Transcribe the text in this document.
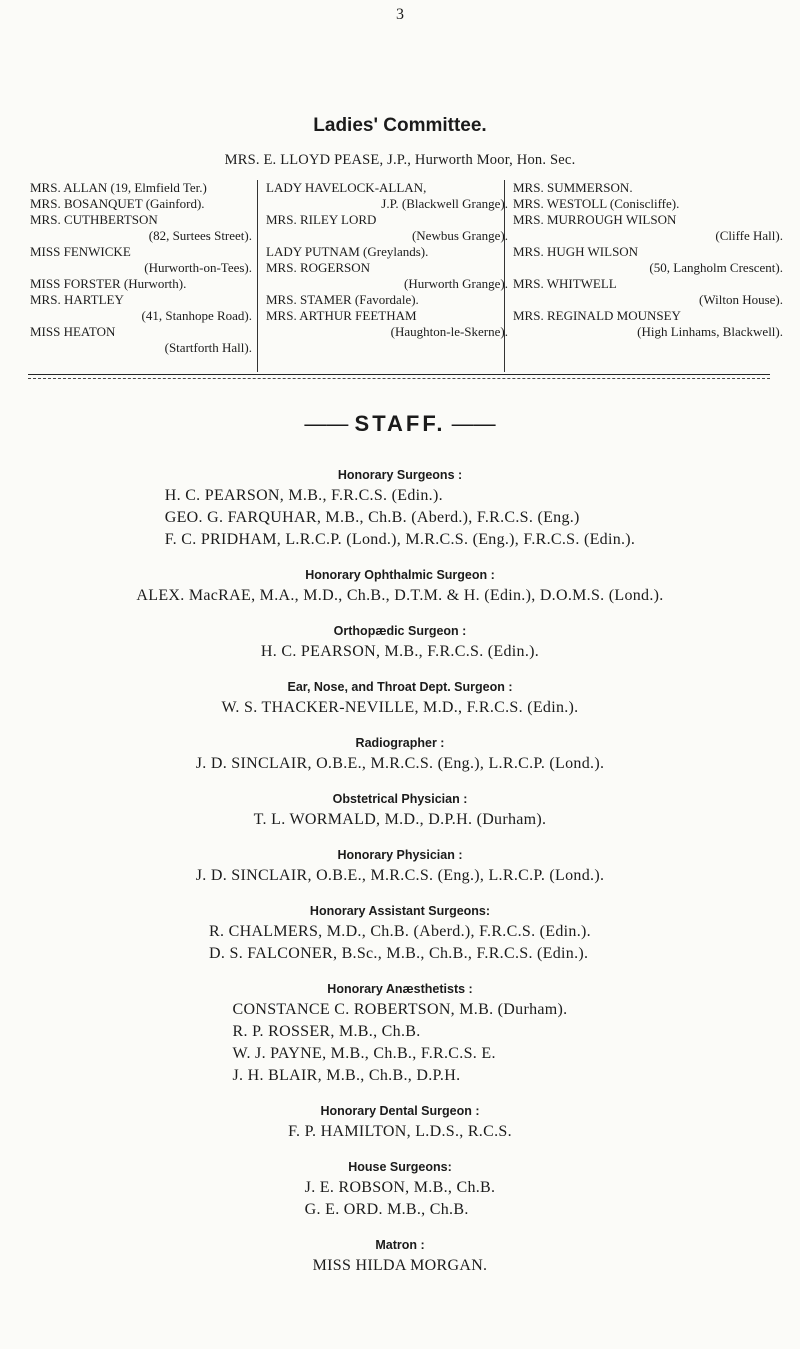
3
Ladies' Committee.
MRS. E. LLOYD PEASE, J.P., Hurworth Moor, Hon. Sec.

MRS. ALLAN (19, Elmfield Ter.)

MRS. BOSANQUET (Gainford).

MRS. CUTHBERTSON

(82, Surtees Street).

MISS FENWICKE

(Hurworth-on-Tees).

MISS FORSTER (Hurworth).

MRS. HARTLEY

(41, Stanhope Road).

MISS HEATON

(Startforth Hall).

LADY HAVELOCK-ALLAN,

J.P. (Blackwell Grange).

MRS. RILEY LORD

(Newbus Grange).

LADY PUTNAM (Greylands).

MRS. ROGERSON

(Hurworth Grange).

MRS. STAMER (Favordale).

MRS. ARTHUR FEETHAM

(Haughton-le-Skerne).

MRS. SUMMERSON.

MRS. WESTOLL (Coniscliffe).

MRS. MURROUGH WILSON

(Cliffe Hall).

MRS. HUGH WILSON

(50, Langholm Crescent).

MRS. WHITWELL

(Wilton House).

MRS. REGINALD MOUNSEY

(High Linhams, Blackwell).

—— STAFF. ——

Honorary Surgeons :

H. C. PEARSON, M.B., F.R.C.S. (Edin.).

GEO. G. FARQUHAR, M.B., Ch.B. (Aberd.), F.R.C.S. (Eng.)

F. C. PRIDHAM, L.R.C.P. (Lond.), M.R.C.S. (Eng.), F.R.C.S. (Edin.).

Honorary Ophthalmic Surgeon :

ALEX. MacRAE, M.A., M.D., Ch.B., D.T.M. & H. (Edin.), D.O.M.S. (Lond.).

Orthopædic Surgeon :

H. C. PEARSON, M.B., F.R.C.S. (Edin.).

Ear, Nose, and Throat Dept. Surgeon :

W. S. THACKER-NEVILLE, M.D., F.R.C.S. (Edin.).

Radiographer :

J. D. SINCLAIR, O.B.E., M.R.C.S. (Eng.), L.R.C.P. (Lond.).

Obstetrical Physician :

T. L. WORMALD, M.D., D.P.H. (Durham).

Honorary Physician :

J. D. SINCLAIR, O.B.E., M.R.C.S. (Eng.), L.R.C.P. (Lond.).

Honorary Assistant Surgeons:

R. CHALMERS, M.D., Ch.B. (Aberd.), F.R.C.S. (Edin.).

D. S. FALCONER, B.Sc., M.B., Ch.B., F.R.C.S. (Edin.).

Honorary Anæsthetists :

CONSTANCE C. ROBERTSON, M.B. (Durham).

R. P. ROSSER, M.B., Ch.B.

W. J. PAYNE, M.B., Ch.B., F.R.C.S. E.

J. H. BLAIR, M.B., Ch.B., D.P.H.

Honorary Dental Surgeon :

F. P. HAMILTON, L.D.S., R.C.S.

House Surgeons:

J. E. ROBSON, M.B., Ch.B.

G. E. ORD. M.B., Ch.B.

Matron :

MISS HILDA MORGAN.
